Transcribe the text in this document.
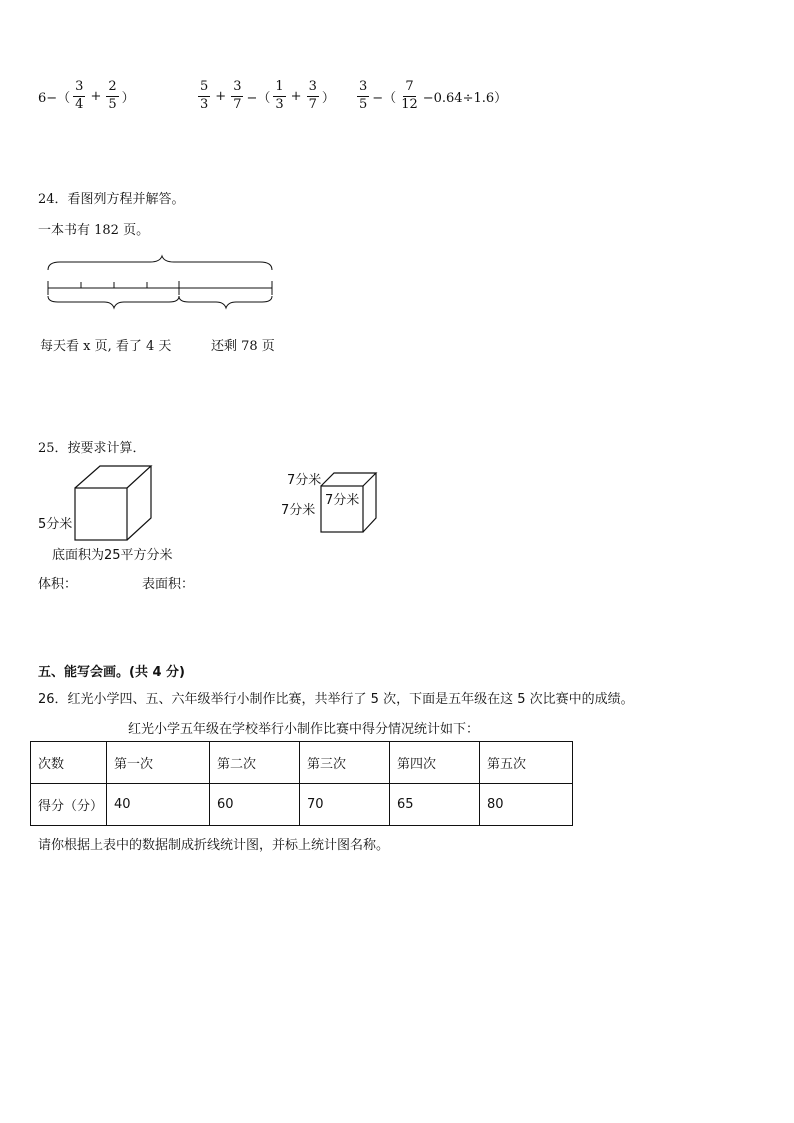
$6-( \frac{3}{4} + \frac{2}{5}$ ）	$\frac{5}{3} + \frac{3}{7}$ −（ $\frac{1}{3} + \frac{3}{7}$ ） $\frac{3}{5}$ −（ $\frac{7}{12} -0.64\div 1.6$）
24．看图列方程并解答。
一本书有 182 页。
每天看 x 页, 看了 4 天	还剩 78 页
25．按要求计算．
5分米
底面积为25平方分米
7分米
7分米
7分米
体积：	表面积：
五、能写会画。(共 4 分)
26．红光小学四、五、六年级举行小制作比赛，共举行了 5 次，下面是五年级在这 5 次比赛中的成绩。
红光小学五年级在学校举行小制作比赛中得分情况统计如下：
次数	第一次	第二次	第三次	第四次	第五次
得分（分）	40	60	70	65	80
请你根据上表中的数据制成折线统计图，并标上统计图名称。
